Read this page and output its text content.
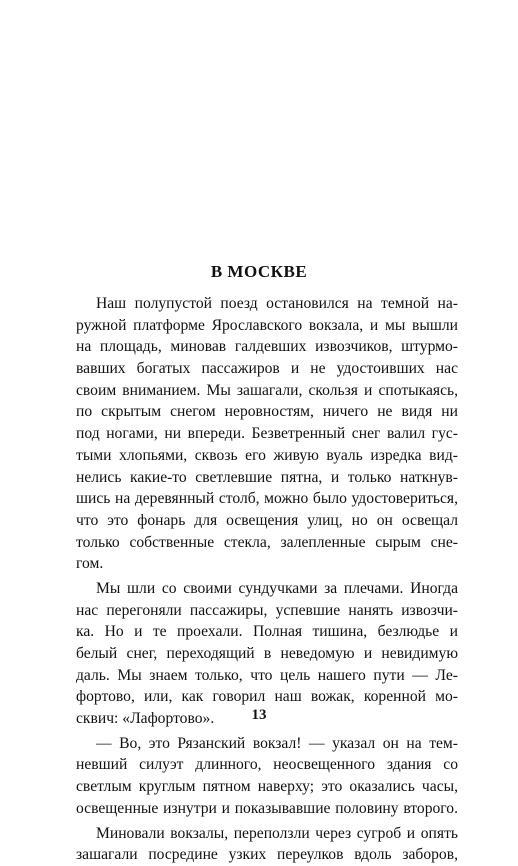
В МОСКВЕ
Наш полупустой поезд остановился на темной на-
ружной платформе Ярославского вокзала, и мы вышли
на площадь, миновав галдевших извозчиков, штурмо-
вавших богатых пассажиров и не удостоивших нас
своим вниманием. Мы зашагали, скользя и спотыкаясь,
по скрытым снегом неровностям, ничего не видя ни
под ногами, ни впереди. Безветренный снег валил гус-
тыми хлопьями, сквозь его живую вуаль изредка вид-
нелись какие-то светлевшие пятна, и только наткнув-
шись на деревянный столб, можно было удостовериться,
что это фонарь для освещения улиц, но он освещал
только собственные стекла, залепленные сырым сне-
гом.
Мы шли со своими сундучками за плечами. Иногда
нас перегоняли пассажиры, успевшие нанять извозчи-
ка. Но и те проехали. Полная тишина, безлюдье и
белый снег, переходящий в неведомую и невидимую
даль. Мы знаем только, что цель нашего пути — Ле-
фортово, или, как говорил наш вожак, коренной мо-
сквич: «Лафортово».
— Во, это Рязанский вокзал! — указал он на тем-
невший силуэт длинного, неосвещенного здания со
светлым круглым пятном наверху; это оказались часы,
освещенные изнутри и показывавшие половину второго.
Миновали вокзалы, переползли через сугроб и опять
зашагали посредине узких переулков вдоль заборов,
13
